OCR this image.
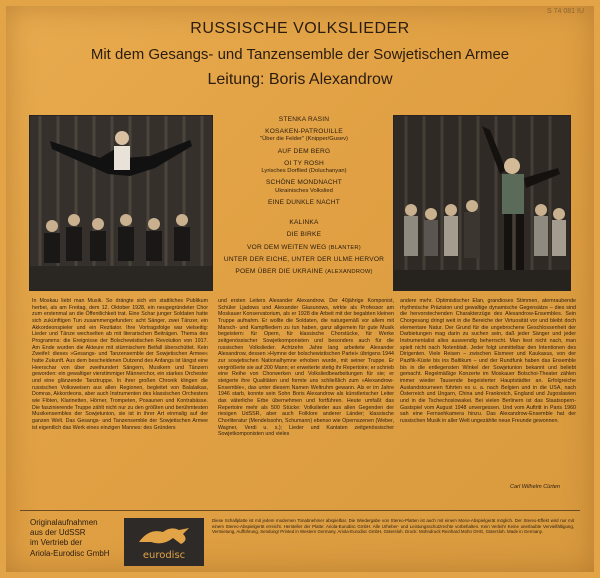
S 74 081 IU
RUSSISCHE VOLKSLIEDER
Mit dem Gesangs- und Tanzensemble der Sowjetischen Armee
Leitung: Boris Alexandrow
STENKA RASIN
KOSAKEN-PATROUILLE
"Über die Felder" (Knipper/Gusev)
AUF DEM BERG
OI TY ROSH
Lyrisches Dorflied (Doluchanyan)
SCHÖNE MONDNACHT
Ukrainisches Volkslied
EINE DUNKLE NACHT
KALINKA
DIE BIRKE
VOR DEM WEITEN WEG (BLANTER)
UNTER DER EICHE, UNTER DER ULME HERVOR
POEM ÜBER DIE UKRAINE (ALEXANDROW)
In Moskau liebt man Musik. So drängte sich ein stattliches Publikum herbei, als am Freitag, dem 12. Oktober 1928, ein neugegründeter Chor zum erstenmal an die Öffentlichkeit trat. Eine Schar junger Soldaten hatte sich zukünftigen Tun zusammengefunden: acht Sänger, zwei Tänzer, ein Akkordeonspieler und ein Rezitator. Ihre Vortragsfolge war vielseitig: Lieder und Tänze wechselten ab mit literarischen Beiträgen. Thema des Programms: die Ereignisse der Bolschewistischen Revolution von 1917. Am Ende wurden die Akteure mit stürmischem Beifall überschüttet. Kein Zweifel: dieses »Gesangs- und Tanzensemble der Sowjetischen Armee« hatte Zukunft. Aus dem bescheidenen Dutzend des Anfangs ist längst eine Heerschar von über zweihundert Sängern, Musikern und Tänzern geworden: ein gewaltiger vierstimmiger Männerchor, ein starkes Orchester und eine glänzende Tanztruppe. In ihrer großen Chronik klingen die russischen Volksweisen aus allen Regionen, begleitet von Balalaikas, Domras, Akkordeons, aber auch Instrumenten des klassischen Orchesters wie Flöten, Klarinetten, Hörner, Trompeten, Posaunen und Kontrabässe. Die faszinierende Truppe zählt nicht nur zu den größten und berühmtesten Musikensembles der Sowjetunion, sie ist in ihrer Art einmalig auf der ganzen Welt. Das Gesangs- und Tanzensemble der Sowjetischen Armee ist eigentlich das Werk eines einzigen Mannes: des Gründers
und ersten Leiters Alexander Alexandrow. Der 40jährige Komponist, Schüler Ljadows und Alexander Glasunows, wirkte als Professor am Moskauer Konservatorium, als er 1928 die Arbeit mit der begabten kleinen Truppe aufnahm. Er wollte die Soldaten, die naturgemäß vor allem mit Marsch- und Kampfliedern zu tun haben, ganz allgemein für gute Musik begeistern: für Opern, für klassische Chorstücke, für Werke zeitgenössischer Sowjetkomponisten und besonders auch für die russischen Volkslieder. Achtzehn Jahre lang arbeitete Alexander Alexandrow, dessen »Hymne der bolschewistischen Partei« übrigens 1944 zur sowjetischen Nationalhymne erhoben wurde, mit seiner Truppe. Er vergrößerte sie auf 200 Mann; er erweiterte stetig ihr Repertoire; er schrieb eine Reihe von Chorwerken und Volksliedbearbeitungen für sie; er steigerte ihre Qualitäten und formte uns schließlich zum »Alexandrow-Ensemble«, das unter diesem Namen Weltruhm gewann. Als er im Jahre 1946 starb, konnte sein Sohn Boris Alexandrow als künstlerischer Leiter das väterliche Erbe übernehmen und fortführen. Heute umfaßt das Repertoire mehr als 500 Stücke: Volkslieder aus allen Gegenden der riesigen UdSSR, aber auch Folklore anderer Länder; klassische Chorliteratur (Mendelssohn, Schumann) ebenso wie Opernszenen (Weber, Wagner, Verdi u. s.); Lieder und Kantaten zeitgenössischer Sowjetkomponisten und vieles
andere mehr. Optimistischer Elan, grandioses Stimmen, atemraubende rhythmische Präzision und gewaltige dynamische Gegensätze – dies sind die hervorstechenden Charakterzüge des Alexandrow-Ensembles. Sein Chorgesang dringt weit in die Bereiche der Virtuosität vor und bleibt doch elementare Natur. Der Grund für die ungebrochene Geschlossenheit der Darbietungen mag darin zu suchen sein, daß jeder Sänger und jeder Instrumentalist alles auswendig beherrscht. Man liest nicht nach, man spielt nicht nach Notenblatt. Jeder folgt unmittelbar den Intentionen des Dirigenten. Viele Reisen – zwischen Eismeer und Kaukasus, von der Pazifik-Küste bis ins Baltikum – und der Rundfunk haben das Ensemble bis in die entlegensten Winkel der Sowjetunion bekannt und beliebt gemacht. Regelmäßige Konzerte im Moskauer Bolschoi-Theater zählen immer wieder Tausende begeisterter Hauptstädter an. Erfolgreiche Auslandstourneen führten es u. a. nach Belgien und in die USA, nach Österreich und Ungarn, China und Frankreich, England und Jugoslawien und in die Tschechoslowakei. Bei vielen Berlinern ist das Staatsopern-Gastspiel vom August 1948 unvergessen. Und vom Auftritt in Paris 1960 sah eine Fernsehkamera hinzu. Das Alexandrow-Ensemble hat der russischen Musik in aller Welt ungezählte neue Freunde gewonnen.
Carl Wilhelm Cürten
Originalaufnahmen
aus der UdSSR
im Vertrieb der
Ariola-Eurodisc GmbH	eurodisc
Diese Schallplatte ist mit jedem modernen Tonabnehmer abspielbar. Die Wiedergabe von Stereo-Platten ist auch mit einem Mono-Abspielgerät möglich. Der Stereo-Effekt wird nur mit einem Stereo-Abspielgerät erreicht. Hersteller der Platte: Ariola-Eurodisc GmbH. Alle Urheber- und Leistungsschutzrechte vorbehalten. Kein Verleih! Keine unerlaubte Vervielfältigung, Vermietung, Aufführung, Sendung! Printed in Western Germany. Ariola-Eurodisc GmbH, Gütersloh. Druck: Mohndruck Reinhard Mohn OHG, Gütersloh. Made in Germany.
